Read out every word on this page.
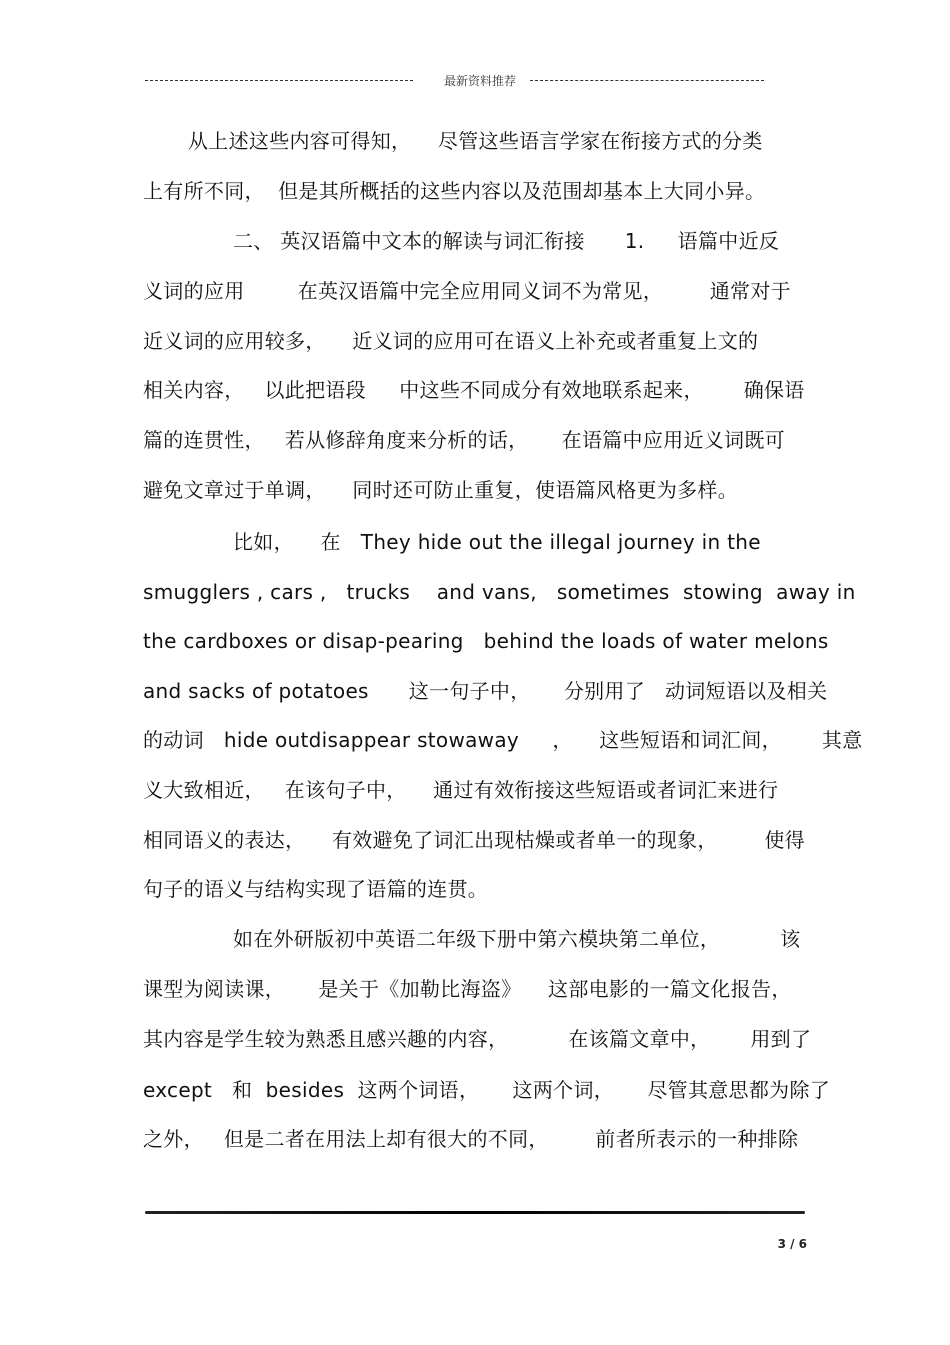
最新资料推荐
从上述这些内容可得知，    尽管这些语言学家在衔接方式的分类
上有所不同，  但是其所概括的这些内容以及范围却基本上大同小异。
二、 英汉语篇中文本的解读与词汇衔接      1.     语篇中近反
义词的应用        在英汉语篇中完全应用同义词不为常见，       通常对于
近义词的应用较多，    近义词的应用可在语义上补充或者重复上文的
相关内容，   以此把语段     中这些不同成分有效地联系起来，      确保语
篇的连贯性，   若从修辞角度来分析的话，     在语篇中应用近义词既可
避免文章过于单调，    同时还可防止重复，使语篇风格更为多样。
比如，    在   They hide out the illegal journey in the
smugglers , cars ,   trucks    and vans,   sometimes  stowing  away in
the cardboxes or disap-pearing   behind the loads of water melons
and sacks of potatoes      这一句子中，     分别用了   动词短语以及相关
的动词   hide outdisappear stowaway     ，    这些短语和词汇间，      其意
义大致相近，   在该句子中，    通过有效衔接这些短语或者词汇来进行
相同语义的表达，    有效避免了词汇出现枯燥或者单一的现象，       使得
句子的语义与结构实现了语篇的连贯。
如在外研版初中英语二年级下册中第六模块第二单位，         该
课型为阅读课，     是关于《加勒比海盗》    这部电影的一篇文化报告，
其内容是学生较为熟悉且感兴趣的内容，         在该篇文章中，      用到了
except   和  besides  这两个词语，     这两个词，     尽管其意思都为除了
之外，   但是二者在用法上却有很大的不同，       前者所表示的一种排除
3 / 6
